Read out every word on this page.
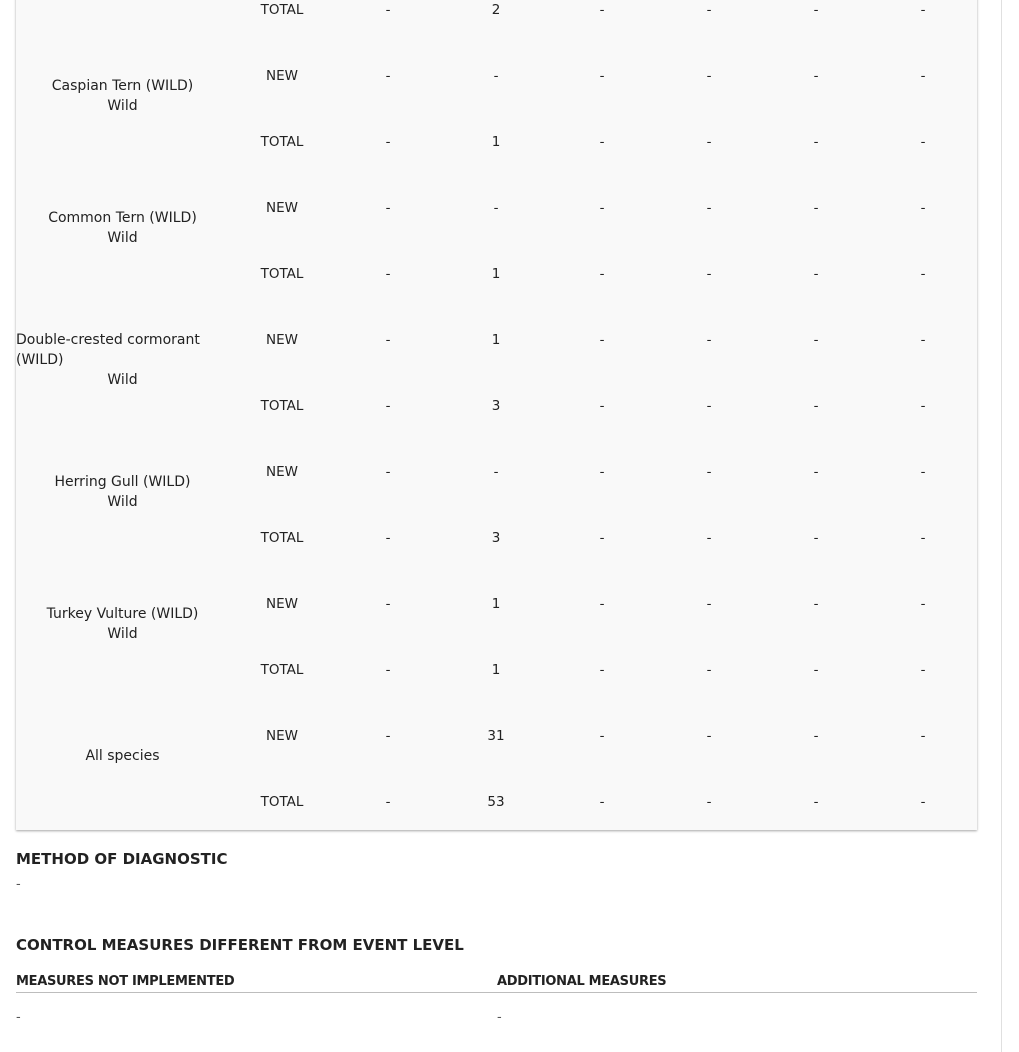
TOTAL	-	2	-	-	-	-
Caspian Tern (WILD)
Wild
NEW	-	-	-	-	-	-
TOTAL	-	1	-	-	-	-
Common Tern (WILD)
Wild
NEW	-	-	-	-	-	-
TOTAL	-	1	-	-	-	-
Double-crested cormorant (WILD)
Wild
NEW	-	1	-	-	-	-
TOTAL	-	3	-	-	-	-
Herring Gull (WILD)
Wild
NEW	-	-	-	-	-	-
TOTAL	-	3	-	-	-	-
Turkey Vulture (WILD)
Wild
NEW	-	1	-	-	-	-
TOTAL	-	1	-	-	-	-
All species
NEW	-	31	-	-	-	-
TOTAL	-	53	-	-	-	-
METHOD OF DIAGNOSTIC
-
CONTROL MEASURES DIFFERENT FROM EVENT LEVEL
MEASURES NOT IMPLEMENTED	ADDITIONAL MEASURES
-	-
